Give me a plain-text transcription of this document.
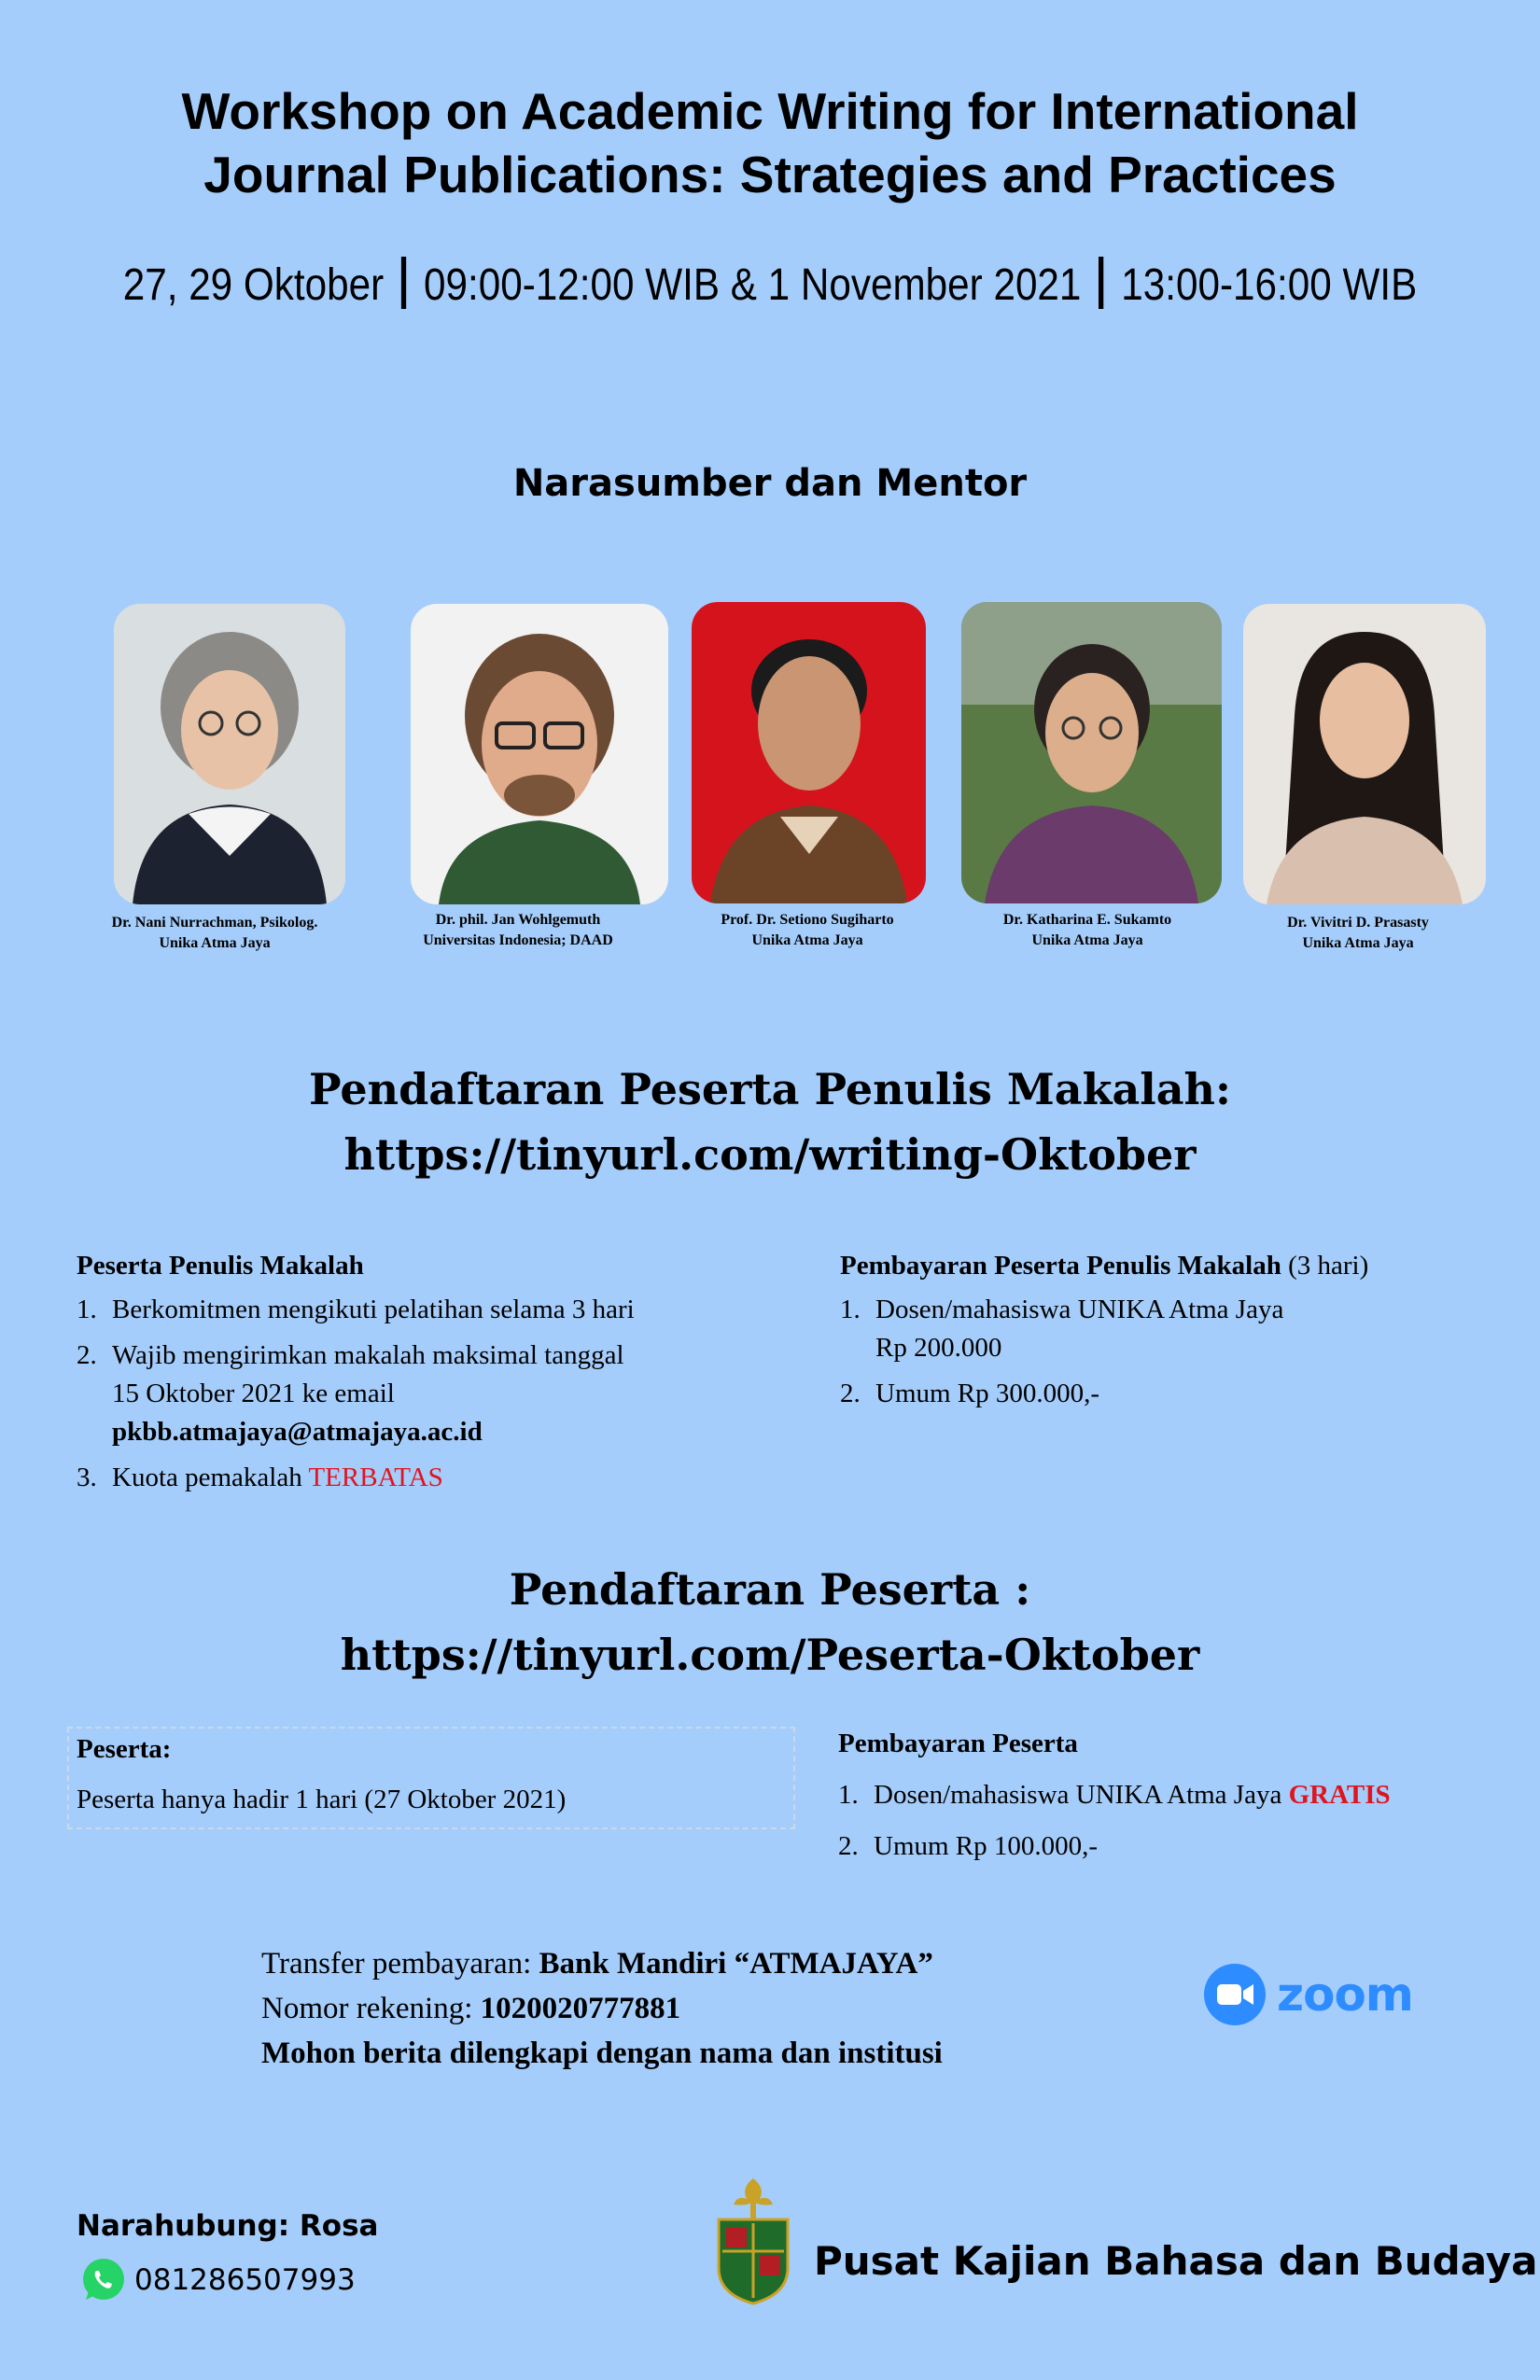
Workshop on Academic Writing for International
Journal Publications: Strategies and Practices
27, 29 Oktober 09:00-12:00 WIB & 1 November 2021 13:00-16:00 WIB
Narasumber dan Mentor
Dr. Nani Nurrachman, Psikolog.
Unika Atma Jaya
Dr. phil. Jan Wohlgemuth
Universitas Indonesia; DAAD
Prof. Dr. Setiono Sugiharto
Unika Atma Jaya
Dr. Katharina E. Sukamto
Unika Atma Jaya
Dr. Vivitri D. Prasasty
Unika Atma Jaya
Pendaftaran Peserta Penulis Makalah:
https://tinyurl.com/writing-Oktober
Peserta Penulis Makalah
1. Berkomitmen mengikuti pelatihan selama 3 hari
2. Wajib mengirimkan makalah maksimal tanggal
15 Oktober 2021 ke email
pkbb.atmajaya@atmajaya.ac.id
3. Kuota pemakalah TERBATAS
Pembayaran Peserta Penulis Makalah (3 hari)
1. Dosen/mahasiswa UNIKA Atma Jaya
Rp 200.000
2. Umum Rp 300.000,-
Pendaftaran Peserta :
https://tinyurl.com/Peserta-Oktober
Peserta:
Peserta hanya hadir 1 hari (27 Oktober 2021)
Pembayaran Peserta
1. Dosen/mahasiswa UNIKA Atma Jaya GRATIS
2. Umum Rp 100.000,-
Transfer pembayaran: Bank Mandiri “ATMAJAYA”
Nomor rekening: 1020020777881
Mohon berita dilengkapi dengan nama dan institusi
zoom
Narahubung: Rosa
081286507993	Pusat Kajian Bahasa dan Budaya
